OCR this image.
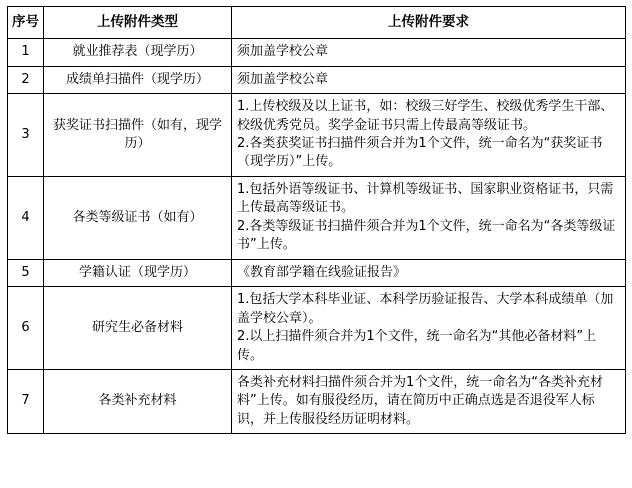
序号	上传附件类型	上传附件要求
1	就业推荐表（现学历）	须加盖学校公章

2	成绩单扫描件（现学历）	须加盖学校公章

3	获奖证书扫描件（如有，现学历）	1.上传校级及以上证书，如：校级三好学生、校级优秀学生干部、校级优秀党员。奖学金证书只需上传最高等级证书。
2.各类获奖证书扫描件须合并为1个文件，统一命名为“获奖证书（现学历）”上传。

4	各类等级证书（如有）	1.包括外语等级证书、计算机等级证书、国家职业资格证书，只需上传最高等级证书。
2.各类等级证书扫描件须合并为1个文件，统一命名为“各类等级证书”上传。

5	学籍认证（现学历）	《教育部学籍在线验证报告》

6	研究生必备材料	1.包括大学本科毕业证、本科学历验证报告、大学本科成绩单（加盖学校公章）。
2.以上扫描件须合并为1个文件，统一命名为“其他必备材料”上传。

7	各类补充材料	各类补充材料扫描件须合并为1个文件，统一命名为“各类补充材料”上传。如有服役经历，请在简历中正确点选是否退役军人标识，并上传服役经历证明材料。
